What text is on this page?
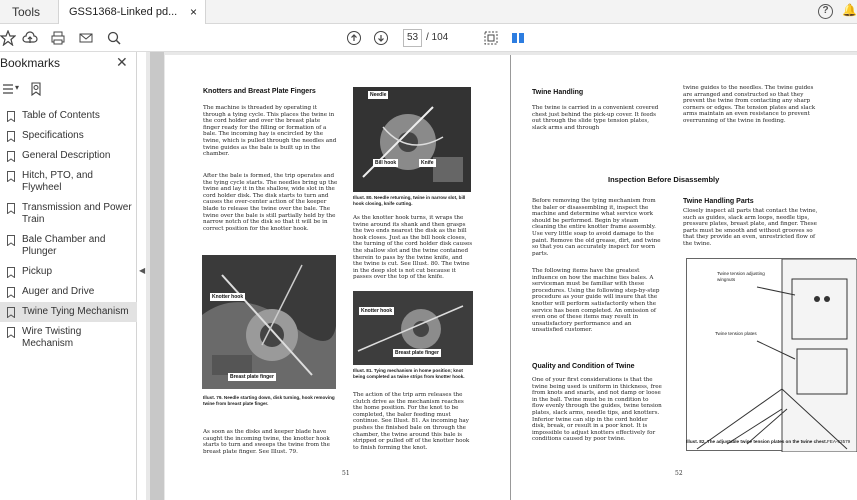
Tools	GSS1368-Linked pd... ×	?	🔔
53 / 104
Bookmarks	✕
▾
Table of Contents
Specifications
General Description
Hitch, PTO, and Flywheel
Transmission and Power Train
Bale Chamber and Plunger
Pickup
Auger and Drive
Twine Tying Mechanism
Wire Twisting Mechanism
◀
Knotters and Breast Plate Fingers
The machine is threaded by operating it through a tying cycle. This places the twine in the cord holder and over the breast plate finger ready for the filling or formation of a bale. The incoming hay is encircled by the twine, which is pulled through the needles and twine guides as the bale is built up in the chamber.
After the bale is formed, the trip operates and the tying cycle starts. The needles bring up the twine and lay it in the shallow, wide slot in the cord holder disk. The disk starts to turn and causes the over-center action of the keeper blade to release the twine over the bale. The twine over the bale is still partially held by the narrow notch of the disk so that it will be in correct position for the knotter hook.
Knotter hook
Breast plate finger
Illust. 79. Needle starting down, disk turning, hook removing twine from breast plate finger.
As soon as the disks and keeper blade have caught the incoming twine, the knotter hook starts to turn and sweeps the twine from the breast plate finger. See Illust. 79.
Needle
Bill hook	Knife
Illust. 80. Needle returning, twine in narrow slot, bill hook closing, knife cutting.
As the knotter hook turns, it wraps the twine around its shank and then grasps the two ends nearest the disk as the bill hook closes. Just as the bill hook closes, the turning of the cord holder disk causes the shallow slot and the twine contained therein to pass by the twine knife, and the twine is cut. See Illust. 80. The twine in the deep slot is not cut because it passes over the top of the knife.
Knotter hook
Breast plate finger
Illust. 81. Tying mechanism in home position; knot being completed as twine strips from knotter hook.
The action of the trip arm releases the clutch drive as the mechanism reaches the home position. For the knot to be completed, the baler feeding must continue. See Illust. 81. As incoming hay pushes the finished bale on through the chamber, the twine around this bale is stripped or pulled off of the knotter hook to finish forming the knot.
51
Twine Handling
The twine is carried in a convenient covered chest just behind the pick-up cover. It feeds out through the slide type tension plates, slack arms and through
twine guides to the needles. The twine guides are arranged and constructed so that they prevent the twine from contacting any sharp corners or edges. The tension plates and slack arms maintain an even resistance to prevent overrunning of the twine in feeding.
Inspection Before Disassembly
Before removing the tying mechanism from the baler or disassembling it, inspect the machine and determine what service work should be performed. Begin by steam cleaning the entire knotter frame assembly. Use very little soap to avoid damage to the paint. Remove the old grease, dirt, and twine so that you can accurately inspect for worn parts.
The following items have the greatest influence on how the machine ties bales. A serviceman must be familiar with these procedures. Using the following step-by-step procedure as your guide will insure that the knotter will perform satisfactorily when the service has been completed. An omission of even one of these items may result in unsatisfactory performance and an unsatisfied customer.
Quality and Condition of Twine
One of your first considerations is that the twine being used is uniform in thickness, free from knots and snarls, and not damp or loose in the ball. Twine must be in condition to flow evenly through the guides, twine tension plates, slack arms, needle tips, and knotters. Inferior twine can slip in the cord holder disk, break, or result in a poor knot. It is impossible to adjust knotters effectively for conditions caused by poor twine.
Twine Handling Parts
Closely inspect all parts that contact the twine, such as guides, slack arm loops, needle tips, pressure plates, breast plate, and finger. These parts must be smooth and without grooves so that they provide an even, unrestricted flow of the twine.
Twine tension adjusting wingnuts
Twine tension plates
FEA-63579
Illust. 82. The adjustable twine tension plates on the twine chest.
52
